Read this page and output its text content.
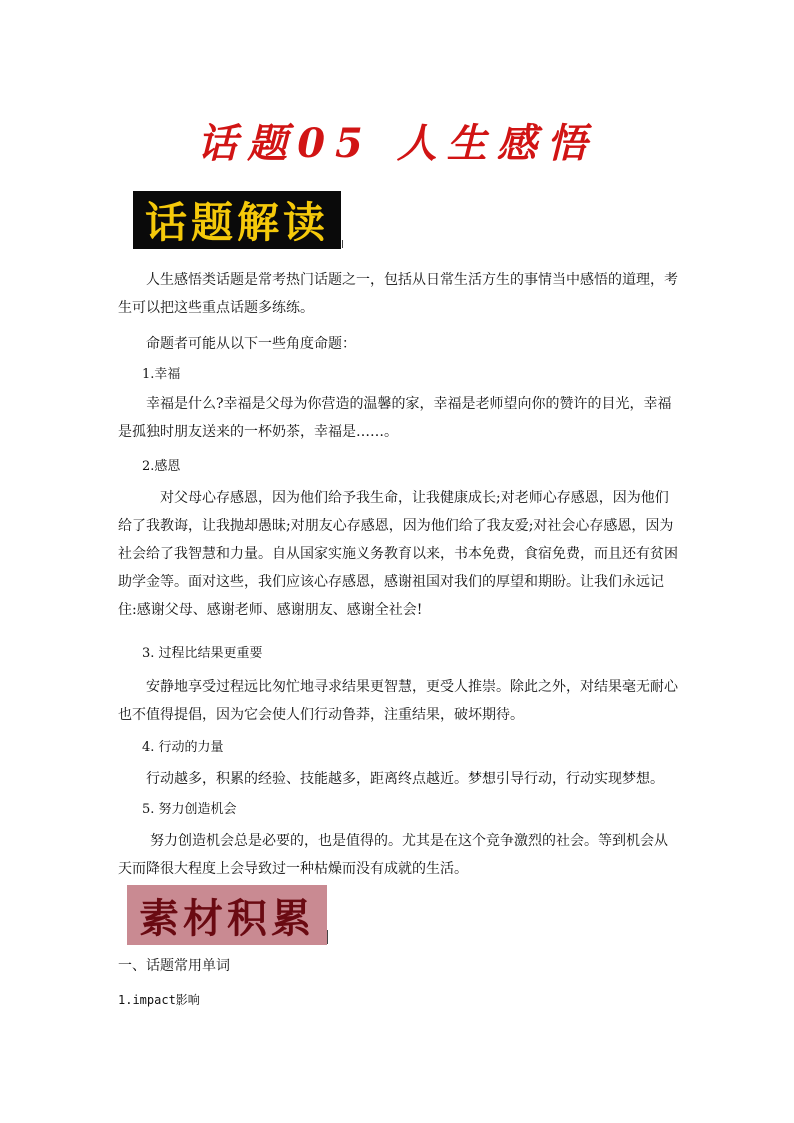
话题05 人生感悟
话题解读

人生感悟类话题是常考热门话题之一，包括从日常生活方生的事情当中感悟的道理，考生可以把这些重点话题多练练。

命题者可能从以下一些角度命题：

1.幸福

幸福是什么?幸福是父母为你营造的温馨的家，幸福是老师望向你的赞许的目光，幸福是孤独时朋友送来的一杯奶茶，幸福是……。

2.感恩

对父母心存感恩，因为他们给予我生命，让我健康成长;对老师心存感恩，因为他们给了我教诲，让我抛却愚昧;对朋友心存感恩，因为他们给了我友爱;对社会心存感恩，因为社会给了我智慧和力量。自从国家实施义务教育以来，书本免费，食宿免费，而且还有贫困助学金等。面对这些，我们应该心存感恩，感谢祖国对我们的厚望和期盼。让我们永远记住:感谢父母、感谢老师、感谢朋友、感谢全社会!

3. 过程比结果更重要

安静地享受过程远比匆忙地寻求结果更智慧，更受人推崇。除此之外，对结果毫无耐心也不值得提倡，因为它会使人们行动鲁莽，注重结果，破坏期待。

4. 行动的力量

行动越多，积累的经验、技能越多，距离终点越近。梦想引导行动，行动实现梦想。

5. 努力创造机会

努力创造机会总是必要的，也是值得的。尤其是在这个竞争激烈的社会。等到机会从天而降很大程度上会导致过一种枯燥而没有成就的生活。

素材积累
一、话题常用单词
1.impact影响
